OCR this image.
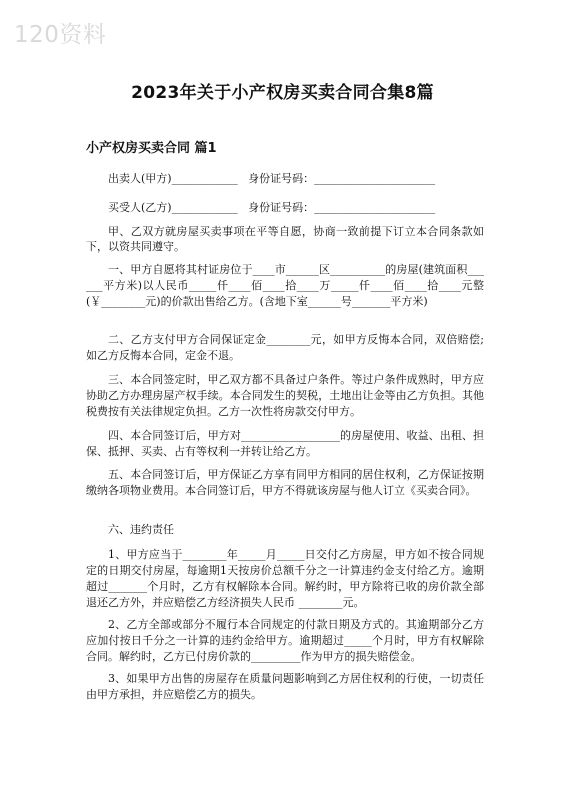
120资料
2023年关于小产权房买卖合同合集8篇
小产权房买卖合同 篇1
出卖人(甲方)____________   身份证号码：______________________
买受人(乙方)____________   身份证号码：______________________
甲、乙双方就房屋买卖事项在平等自愿，协商一致前提下订立本合同条款如下，以资共同遵守。
一、甲方自愿将其村证房位于____市______区__________的房屋(建筑面积______平方米)以人民币_____仟____佰____拾____万_____仟____佰____拾____元整(￥________元)的价款出售给乙方。(含地下室______号_______平方米)
二、乙方支付甲方合同保证定金________元，如甲方反悔本合同，双倍赔偿;如乙方反悔本合同，定金不退。
三、本合同签定时，甲乙双方都不具备过户条件。等过户条件成熟时，甲方应协助乙方办理房屋产权手续。本合同发生的契税，土地出让金等由乙方负担。其他税费按有关法律规定负担。乙方一次性将房款交付甲方。
四、本合同签订后，甲方对__________________的房屋使用、收益、出租、担保、抵押、买卖、占有等权利一并转让给乙方。
五、本合同签订后，甲方保证乙方享有同甲方相同的居住权利，乙方保证按期缴纳各项物业费用。本合同签订后，甲方不得就该房屋与他人订立《买卖合同》。
六、违约责任
1、甲方应当于________年_____月_____日交付乙方房屋，甲方如不按合同规定的日期交付房屋，每逾期1天按房价总额千分之一计算违约金支付给乙方。逾期超过_______个月时，乙方有权解除本合同。解约时，甲方除将已收的房价款全部退还乙方外，并应赔偿乙方经济损失人民币 ________元。
2、乙方全部或部分不履行本合同规定的付款日期及方式的。其逾期部分乙方应加付按日千分之一计算的违约金给甲方。逾期超过_____个月时，甲方有权解除合同。解约时，乙方已付房价款的_________作为甲方的损失赔偿金。
3、如果甲方出售的房屋存在质量问题影响到乙方居住权利的行使，一切责任由甲方承担，并应赔偿乙方的损失。
